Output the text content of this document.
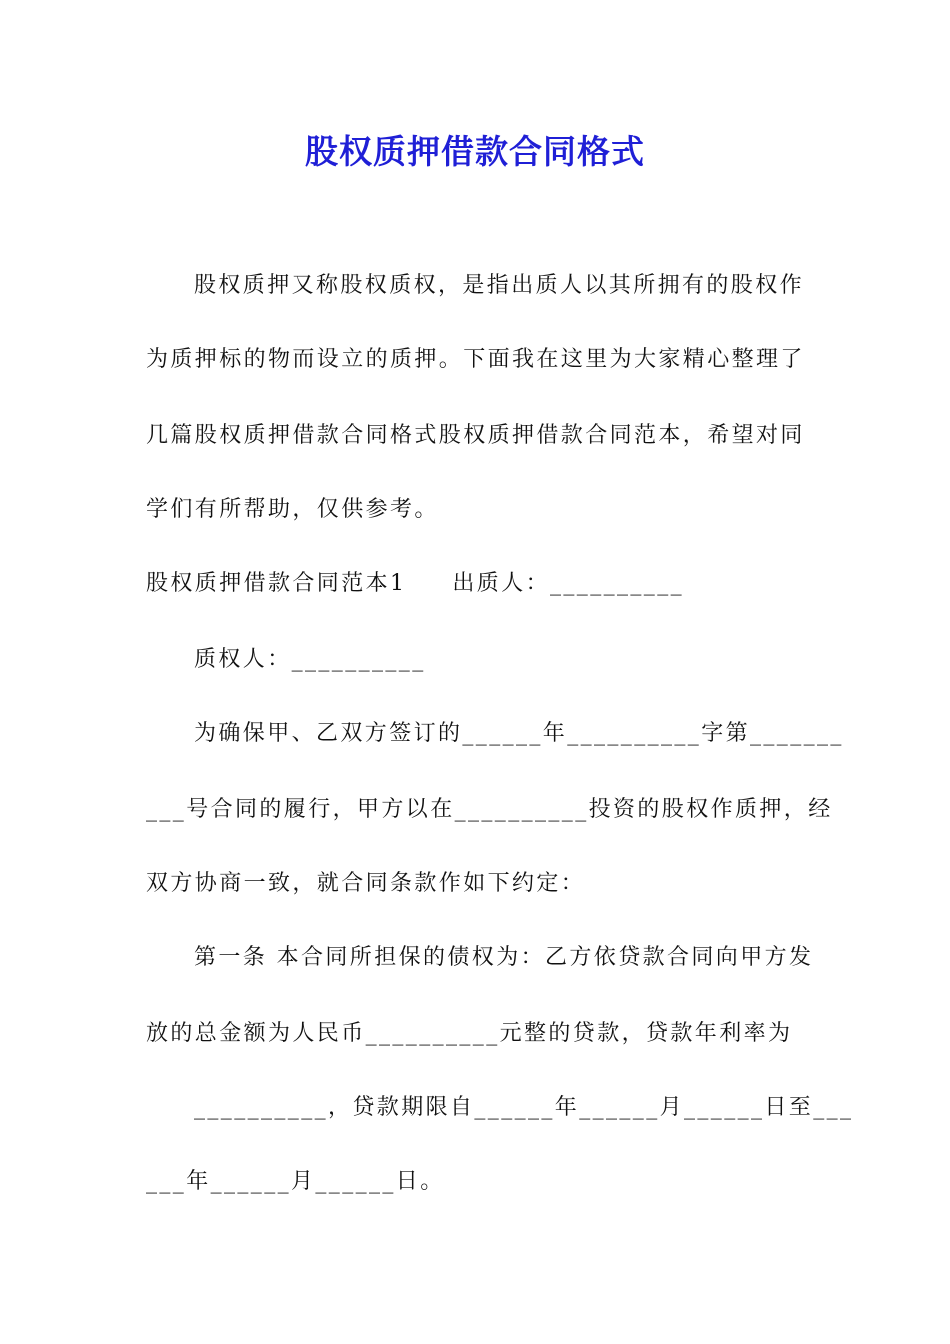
股权质押借款合同格式

股权质押又称股权质权，是指出质人以其所拥有的股权作

为质押标的物而设立的质押。下面我在这里为大家精心整理了

几篇股权质押借款合同格式股权质押借款合同范本，希望对同

学们有所帮助，仅供参考。

股权质押借款合同范本1 出质人：__________

质权人：__________

为确保甲、乙双方签订的______年__________字第_______

___号合同的履行，甲方以在__________投资的股权作质押，经

双方协商一致，就合同条款作如下约定：

第一条 本合同所担保的债权为：乙方依贷款合同向甲方发

放的总金额为人民币__________元整的贷款，贷款年利率为

__________，贷款期限自______年______月______日至___

___年______月______日。
